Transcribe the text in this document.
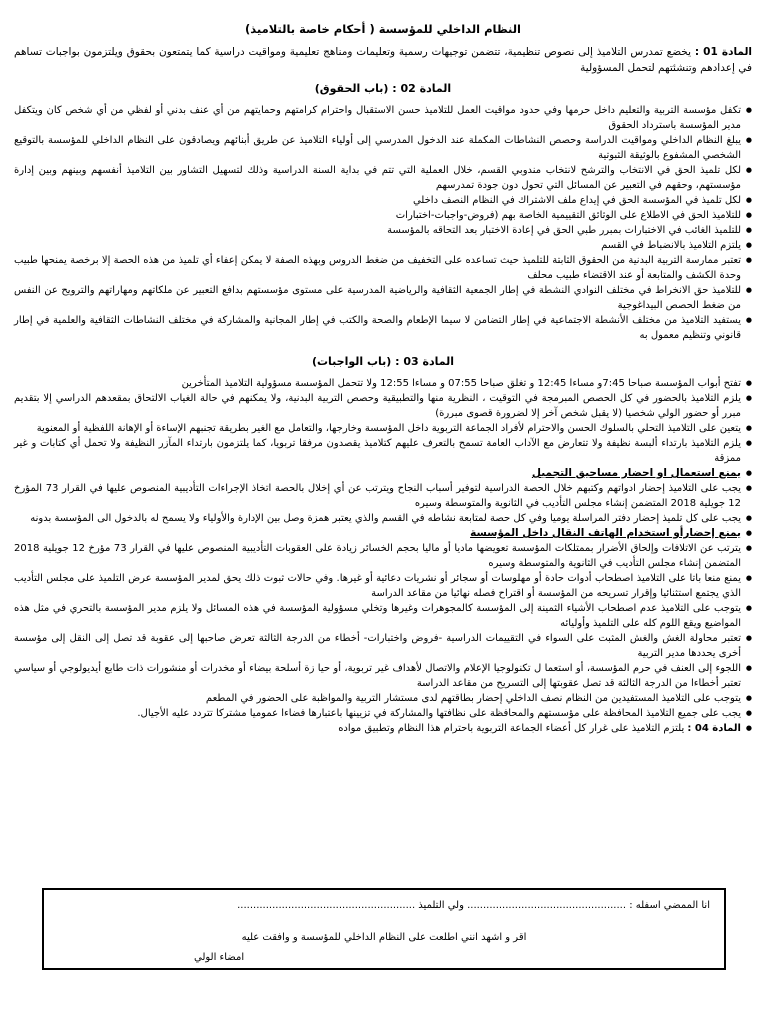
النظام الداخلي للمؤسسة ( أحكام خاصة بالتلاميذ)
المادة 01 : يخضع تمدرس التلاميذ إلى نصوص تنظيمية، تتضمن توجيهات رسمية وتعليمات ومناهج تعليمية ومواقيت دراسية كما يتمتعون بحقوق ويلتزمون بواجبات تساهم في إعدادهم وتنشئتهم لتحمل المسؤولية
المادة 02 : (باب الحقوق)
● تكفل مؤسسة التربية والتعليم داخل حرمها وفي حدود مواقيت العمل للتلاميذ حسن الاستقبال واحترام كرامتهم وحمايتهم من أي عنف بدني أو لفظي من أي شخص كان ويتكفل مدير المؤسسة باسترداد الحقوق
● يبلغ النظام الداخلي ومواقيت الدراسة وحصص النشاطات المكملة عند الدخول المدرسي إلى أولياء التلاميذ عن طريق أبنائهم ويصادقون على النظام الداخلي للمؤسسة بالتوقيع الشخصي المشفوع بالوثيقة الثبوتية
● لكل تلميذ الحق في الانتخاب والترشح لانتخاب مندوبي القسم، خلال العملية التي تتم في بداية السنة الدراسية وذلك لتسهيل التشاور بين التلاميذ أنفسهم وبينهم وبين إدارة مؤسستهم، وحقهم في التعبير عن المسائل التي تحول دون جودة تمدرسهم
● لكل تلميذ في المؤسسة الحق في إيداع ملف الاشتراك في النظام النصف داخلي
● للتلاميذ الحق في الاطلاع على الوثائق التقييمية الخاصة بهم (فروض-واجبات-اختبارات
● للتلميذ الغائب في الاختبارات بمبرر طبي الحق في إعادة الاختبار بعد التحاقه بالمؤسسة
● يلتزم التلاميذ بالانضباط في القسم
● تعتبر ممارسة التربية البدنية من الحقوق الثابتة للتلميذ حيث تساعده على التخفيف من ضغط الدروس وبهذه الصفة لا يمكن إعفاء أي تلميذ من هذه الحصة إلا برخصة يمنحها طبيب وحدة الكشف والمتابعة أو عند الاقتضاء طبيب محلف
● للتلاميذ حق الانخراط في مختلف النوادي النشطة في إطار الجمعية الثقافية والرياضية المدرسية على مستوى مؤسستهم بدافع التعبير عن ملكاتهم ومهاراتهم والترويح عن النفس من ضغط الحصص البيداغوجية
● يستفيد التلاميذ من مختلف الأنشطة الاجتماعية في إطار التضامن لا سيما الإطعام والصحة والكتب في إطار المجانية والمشاركة في مختلف النشاطات الثقافية والعلمية في إطار قانوني وتنظيم معمول به
المادة 03 : (باب الواجبات)
● تفتح أبواب المؤسسة صباحا 7:45و مساءا 12:45 و تغلق صباحا 07:55 و مساءا 12:55 ولا تتحمل المؤسسة مسؤولية التلاميذ المتأخرين
● يلزم التلاميذ بالحضور في كل الحصص المبرمجة في التوقيت ، النظرية منها والتطبيقية وحصص التربية البدنية، ولا يمكنهم في حالة الغياب الالتحاق بمقعدهم الدراسي إلا بتقديم مبرر أو حضور الولي شخصيا (لا يقبل شخص آخر إلا لضرورة قصوى مبررة)
● يتعين على التلاميذ التحلي بالسلوك الحسن والاحترام لأفراد الجماعة التربوية داخل المؤسسة وخارجها، والتعامل مع الغير بطريقة تجنبهم الإساءة أو الإهانة اللفظية أو المعنوية
● يلزم التلاميذ بارتداء ألبسة نظيفة ولا تتعارض مع الآداب العامة تسمح بالتعرف عليهم كتلاميذ يقصدون مرفقا تربويا، كما يلتزمون بارتداء المآزر النظيفة ولا تحمل أي كتابات و غير ممزقة
● يمنع استعمال او احضار مساحيق التجميل
● يجب على التلاميذ إحضار ادواتهم وكتبهم خلال الحصة الدراسية لتوفير أسباب النجاح ويترتب عن أي إخلال بالحصة اتخاذ الإجراءات التأديبية المنصوص عليها في القرار 73 المؤرخ 12 جويلية 2018 المتضمن إنشاء مجلس التأديب في الثانوية والمتوسطة وسيره
● يجب على كل تلميذ إحضار دفتر المراسلة يوميا وفي كل حصة لمتابعة نشاطه في القسم والذي يعتبر همزة وصل بين الإدارة والأولياء ولا يسمح له بالدخول الى المؤسسة بدونه
● يمنع إحضارأو استخدام الهاتف النقال داخل المؤسسة
● يترتب عن الاتلافات وإلحاق الأضرار بممتلكات المؤسسة تعويضها ماديا أو ماليا بحجم الخسائر زيادة على العقوبات التأديبية المنصوص عليها في القرار 73 مؤرخ 12 جويلية 2018 المتضمن إنشاء مجلس التأديب في الثانوية والمتوسطة وسيره
● يمنع منعا باتا على التلاميذ اصطحاب أدوات حادة أو مهلوسات أو سجائر أو نشريات دعائية أو غيرها. وفي حالات ثبوت ذلك يحق لمدير المؤسسة عرض التلميذ على مجلس التأديب الذي يجتمع استثنائيا وإقرار تسريحه من المؤسسة أو اقتراح فصله نهائيا من مقاعد الدراسة
● يتوجب على التلاميذ عدم اصطحاب الأشياء الثمينة إلى المؤسسة كالمجوهرات وغيرها وتخلي مسؤولية المؤسسة في هذه المسائل ولا يلزم مدير المؤسسة بالتحري في مثل هذه المواضيع ويقع اللوم كله على التلميذ وأوليائه
● تعتبر محاولة الغش والغش المثبت على السواء في التقييمات الدراسية -فروض واختبارات- أخطاء من الدرجة الثالثة تعرض صاحبها إلى عقوبة قد تصل إلى النقل إلى مؤسسة أخرى يحددها مدير التربية
● اللجوء إلى العنف في حرم المؤسسة، أو استعما ل تكنولوجيا الإعلام والاتصال لأهداف غير تربوية، أو حيا زة أسلحة بيضاء أو مخدرات أو منشورات ذات طابع أيديولوجي أو سياسي تعتبر أخطاءا من الدرجة الثالثة قد تصل عقوبتها إلى التسريح من مقاعد الدراسة
● يتوجب على التلاميذ المستفيدين من النظام نصف الداخلي إحضار بطاقتهم لدى مستشار التربية والمواظبة على الحضور في المطعم
● يجب على جميع التلاميذ المحافظة على مؤسستهم والمحافظة على نظافتها والمشاركة في تزيينها باعتبارها فضاءا عموميا مشتركا تتردد عليه الأجيال.
● المادة 04 : يلتزم التلاميذ على غرار كل أعضاء الجماعة التربوية باحترام هذا النظام وتطبيق مواده
انا الممضي اسفله : .................................................. ولي التلميذ ........................................................
اقر و اشهد انني اطلعت على النظام الداخلي للمؤسسة و وافقت عليه
امضاء الولي
